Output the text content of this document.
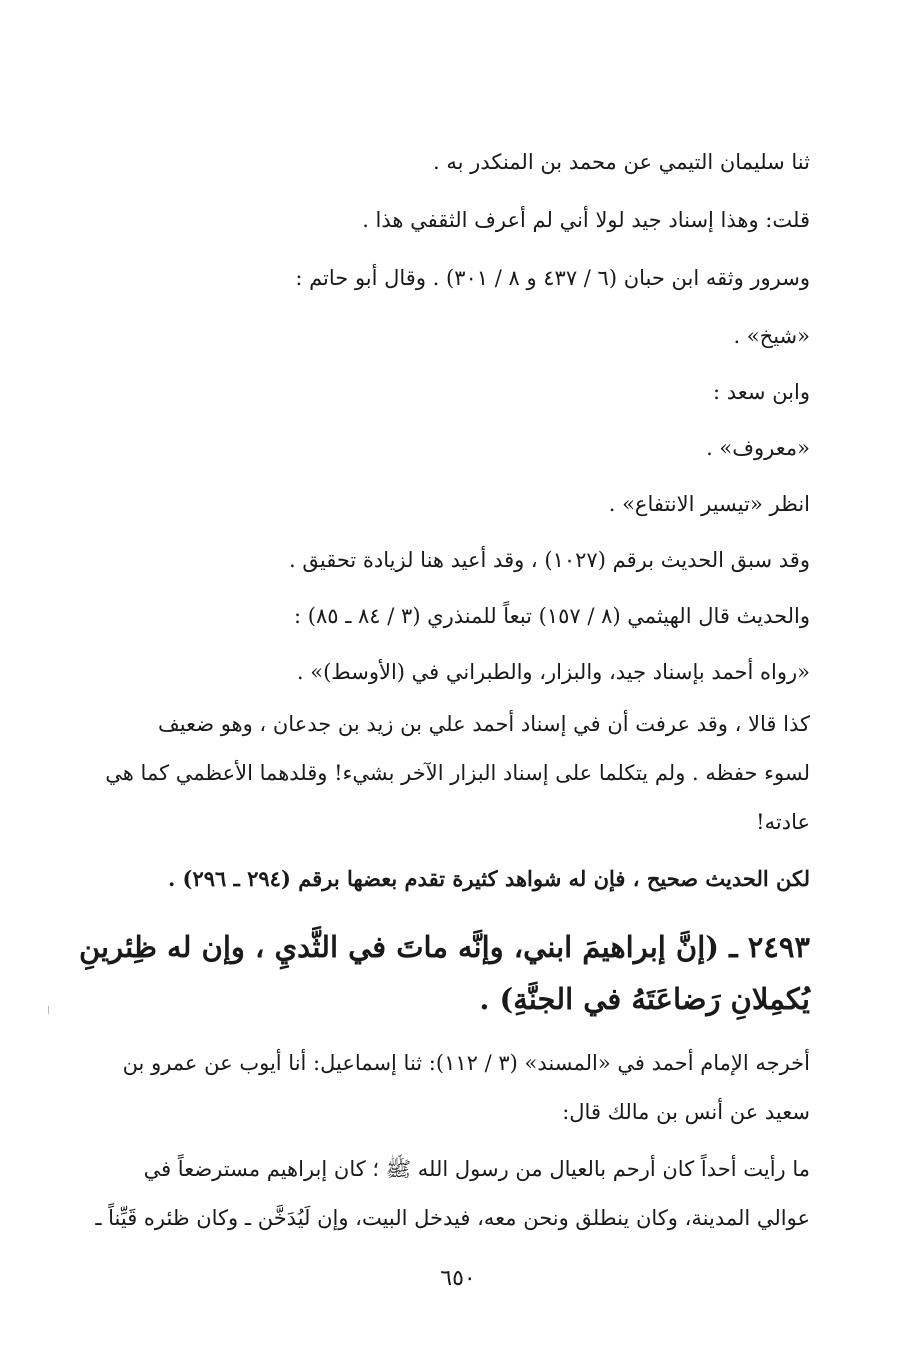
ثنا سليمان التيمي عن محمد بن المنكدر به .

قلت: وهذا إسناد جيد لولا أني لم أعرف الثقفي هذا .

وسرور وثقه ابن حبان (٦ / ٤٣٧ و ٨ / ٣٠١) . وقال أبو حاتم :

«شيخ» .

وابن سعد :

«معروف» .

انظر «تيسير الانتفاع» .

وقد سبق الحديث برقم (١٠٢٧) ، وقد أعيد هنا لزيادة تحقيق .

والحديث قال الهيثمي (٨ / ١٥٧) تبعاً للمنذري (٣ / ٨٤ ـ ٨٥) :

«رواه أحمد بإسناد جيد، والبزار، والطبراني في (الأوسط)» .

كذا قالا ، وقد عرفت أن في إسناد أحمد علي بن زيد بن جدعان ، وهو ضعيف

لسوء حفظه . ولم يتكلما على إسناد البزار الآخر بشيء! وقلدهما الأعظمي كما هي

عادته!

لكن الحديث صحيح ، فإن له شواهد كثيرة تقدم بعضها برقم (٢٩٤ ـ ٢٩٦) .

٢٤٩٣ ـ (إنَّ إبراهيمَ ابني، وإنَّه ماتَ في الثَّديِ ، وإن له ظِئرينِ

يُكمِلانِ رَضاعَتَهُ في الجنَّةِ) .

أخرجه الإمام أحمد في «المسند» (٣ / ١١٢): ثنا إسماعيل: أنا أيوب عن عمرو بن

سعيد عن أنس بن مالك قال:

ما رأيت أحداً كان أرحم بالعيال من رسول الله ﷺ ؛ كان إبراهيم مسترضعاً في

عوالي المدينة، وكان ينطلق ونحن معه، فيدخل البيت، وإن لَيُدَخَّن ـ وكان ظئره قَيِّناً ـ

٦٥٠
